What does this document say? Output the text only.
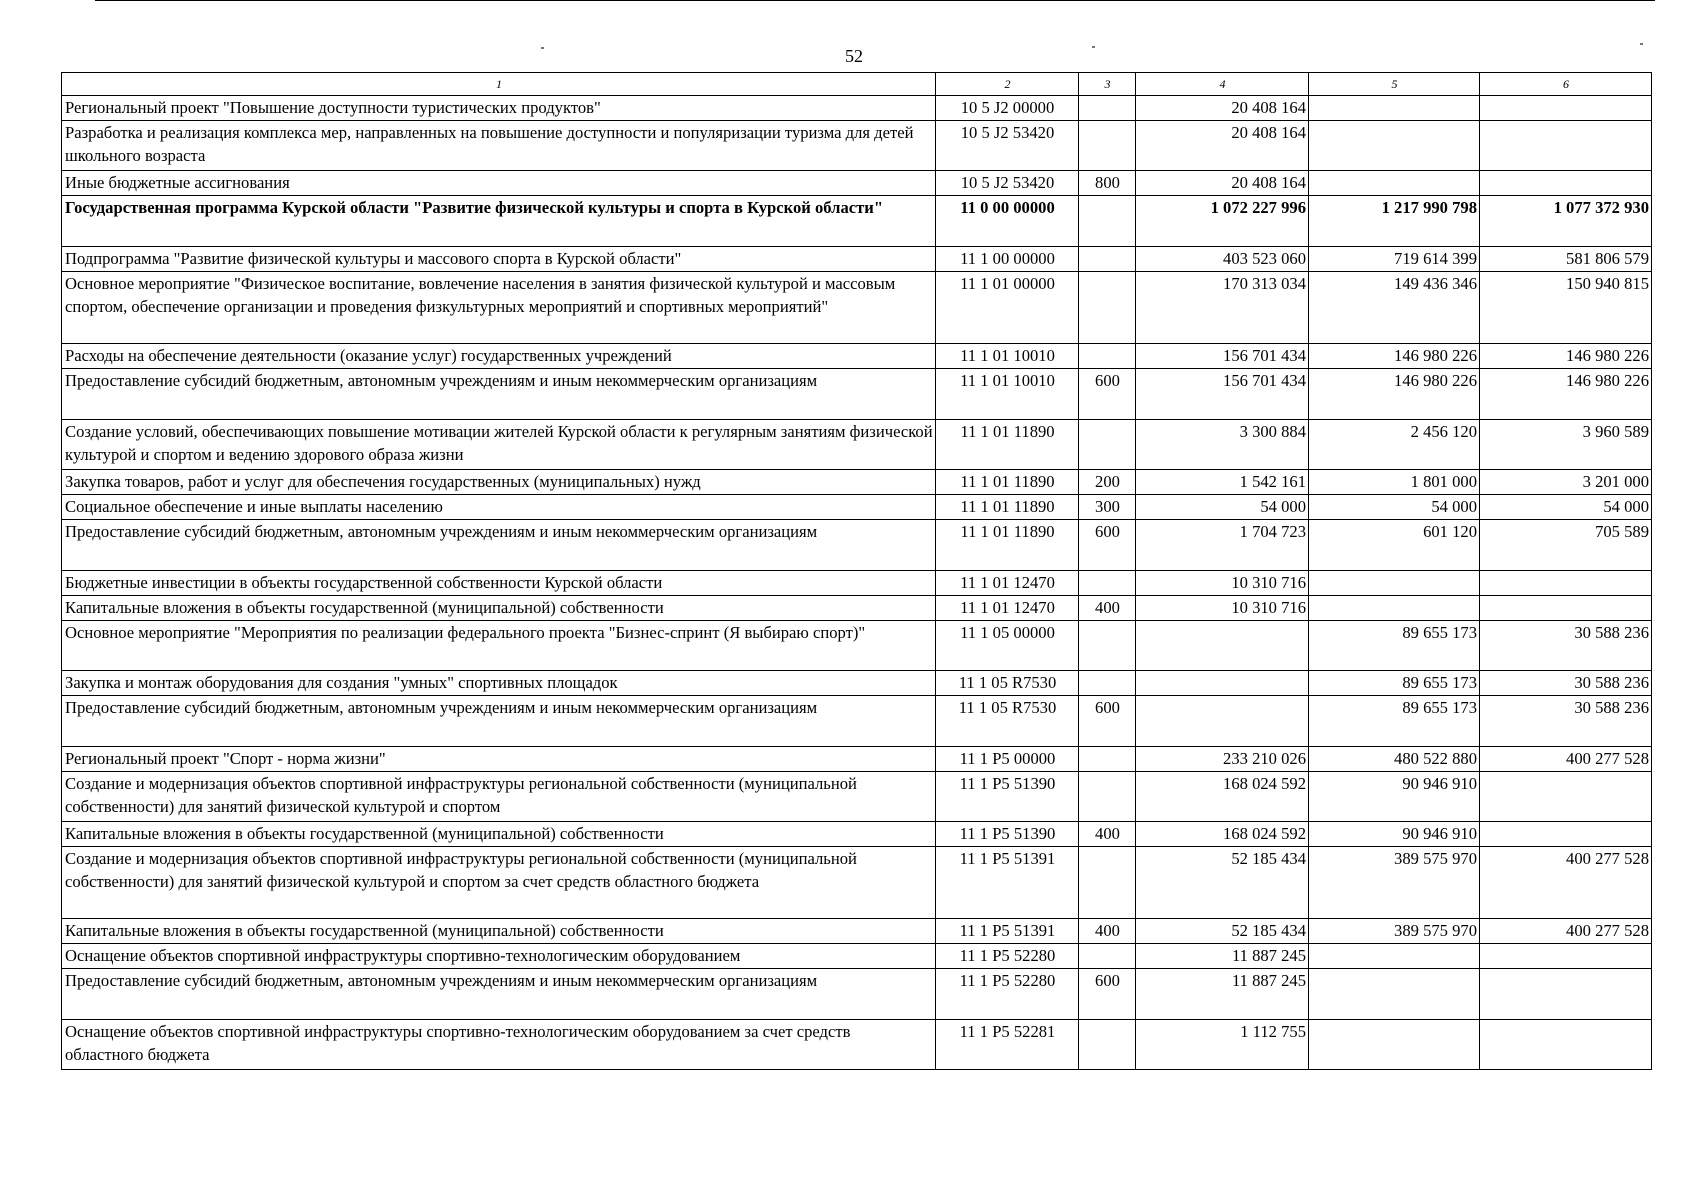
52
1	2	3	4	5	6
Региональный проект "Повышение доступности туристических продуктов"	10 5 J2 00000		20 408 164		
Разработка и реализация комплекса мер, направленных на повышение доступности и популяризации туризма для детей школьного возраста	10 5 J2 53420		20 408 164		
Иные бюджетные ассигнования	10 5 J2 53420	800	20 408 164		
Государственная программа Курской области "Развитие физической культуры и спорта в Курской области"	11 0 00 00000		1 072 227 996	1 217 990 798	1 077 372 930
Подпрограмма "Развитие физической культуры и массового спорта в Курской области"	11 1 00 00000		403 523 060	719 614 399	581 806 579
Основное мероприятие "Физическое воспитание, вовлечение населения в занятия физической культурой и массовым спортом, обеспечение организации и проведения физкультурных мероприятий и спортивных мероприятий"	11 1 01 00000		170 313 034	149 436 346	150 940 815
Расходы на обеспечение деятельности (оказание услуг) государственных учреждений	11 1 01 10010		156 701 434	146 980 226	146 980 226
Предоставление субсидий бюджетным, автономным учреждениям и иным некоммерческим организациям	11 1 01 10010	600	156 701 434	146 980 226	146 980 226
Создание условий, обеспечивающих повышение мотивации жителей Курской области к регулярным занятиям физической культурой и спортом и ведению здорового образа жизни	11 1 01 11890		3 300 884	2 456 120	3 960 589
Закупка товаров, работ и услуг для обеспечения государственных (муниципальных) нужд	11 1 01 11890	200	1 542 161	1 801 000	3 201 000
Социальное обеспечение и иные выплаты населению	11 1 01 11890	300	54 000	54 000	54 000
Предоставление субсидий бюджетным, автономным учреждениям и иным некоммерческим организациям	11 1 01 11890	600	1 704 723	601 120	705 589
Бюджетные инвестиции в объекты государственной собственности Курской области	11 1 01 12470		10 310 716		
Капитальные вложения в объекты государственной (муниципальной) собственности	11 1 01 12470	400	10 310 716		
Основное мероприятие "Мероприятия по реализации федерального проекта "Бизнес-спринт (Я выбираю спорт)"	11 1 05 00000			89 655 173	30 588 236
Закупка и монтаж оборудования для создания "умных" спортивных площадок	11 1 05 R7530			89 655 173	30 588 236
Предоставление субсидий бюджетным, автономным учреждениям и иным некоммерческим организациям	11 1 05 R7530	600		89 655 173	30 588 236
Региональный проект "Спорт - норма жизни"	11 1 P5 00000		233 210 026	480 522 880	400 277 528
Создание и модернизация объектов спортивной инфраструктуры региональной собственности (муниципальной собственности) для занятий физической культурой и спортом	11 1 P5 51390		168 024 592	90 946 910	
Капитальные вложения в объекты государственной (муниципальной) собственности	11 1 P5 51390	400	168 024 592	90 946 910	
Создание и модернизация объектов спортивной инфраструктуры региональной собственности (муниципальной собственности) для занятий физической культурой и спортом за счет средств областного бюджета	11 1 P5 51391		52 185 434	389 575 970	400 277 528
Капитальные вложения в объекты государственной (муниципальной) собственности	11 1 P5 51391	400	52 185 434	389 575 970	400 277 528
Оснащение объектов спортивной инфраструктуры спортивно-технологическим оборудованием	11 1 P5 52280		11 887 245		
Предоставление субсидий бюджетным, автономным учреждениям и иным некоммерческим организациям	11 1 P5 52280	600	11 887 245		
Оснащение объектов спортивной инфраструктуры спортивно-технологическим оборудованием за счет средств областного бюджета	11 1 P5 52281		1 112 755		
